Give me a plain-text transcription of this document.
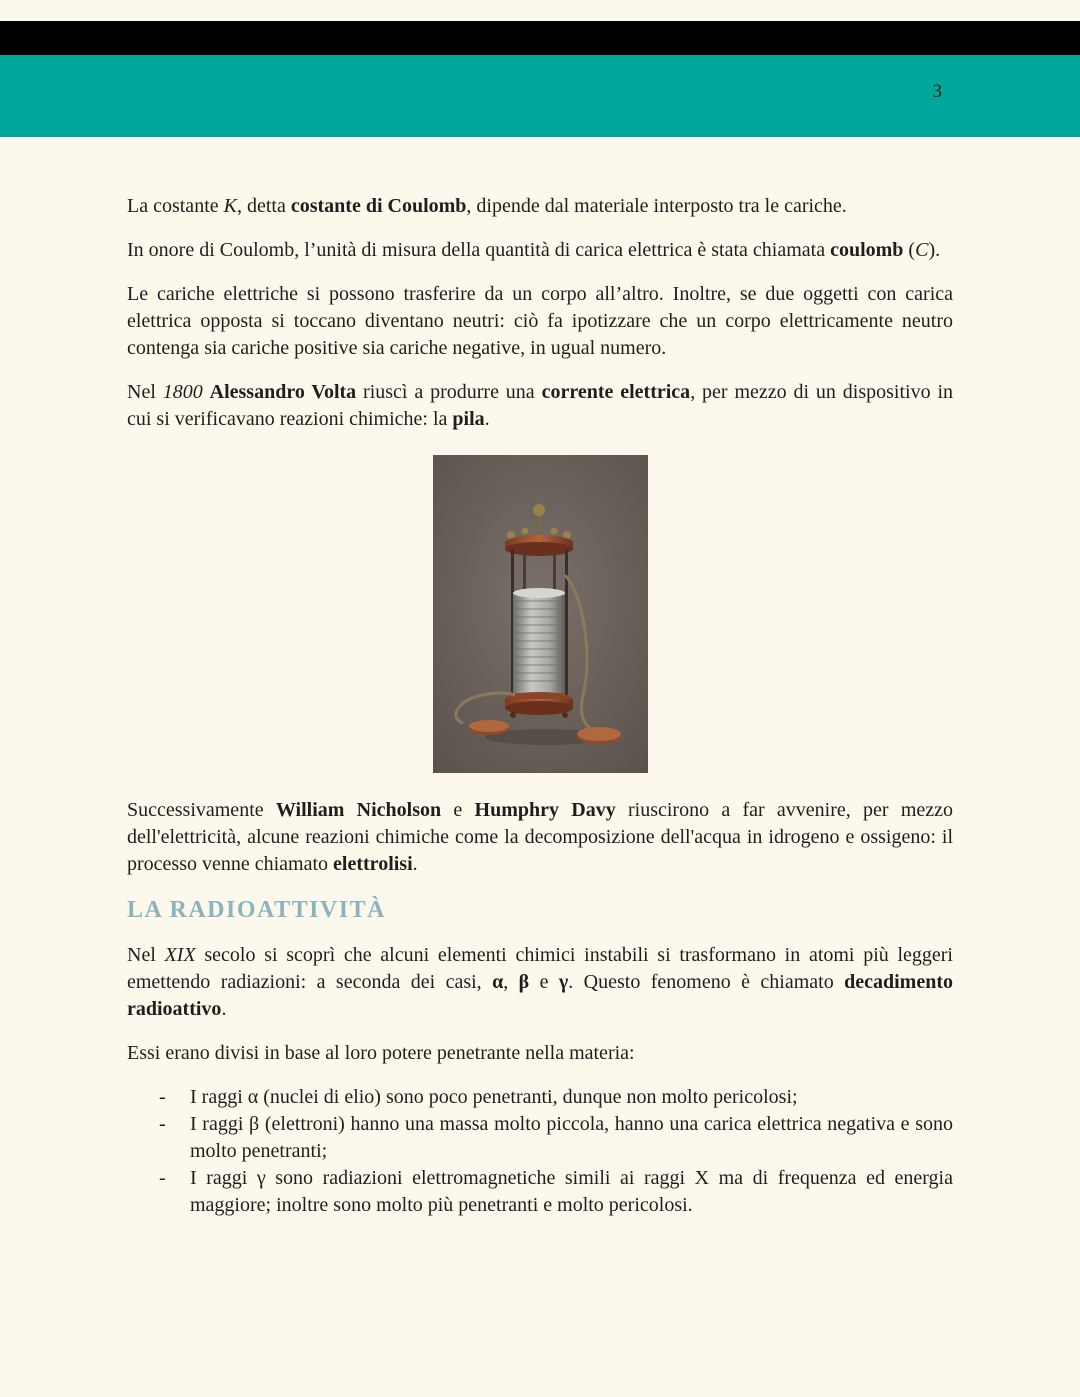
3

La costante K, detta costante di Coulomb, dipende dal materiale interposto tra le cariche.

In onore di Coulomb, l’unità di misura della quantità di carica elettrica è stata chiamata coulomb (C).

Le cariche elettriche si possono trasferire da un corpo all’altro. Inoltre, se due oggetti con carica elettrica opposta si toccano diventano neutri: ciò fa ipotizzare che un corpo elettricamente neutro contenga sia cariche positive sia cariche negative, in ugual numero.

Nel 1800 Alessandro Volta riuscì a produrre una corrente elettrica, per mezzo di un dispositivo in cui si verificavano reazioni chimiche: la pila.

Successivamente William Nicholson e Humphry Davy riuscirono a far avvenire, per mezzo dell'elettricità, alcune reazioni chimiche come la decomposizione dell'acqua in idrogeno e ossigeno: il processo venne chiamato elettrolisi.

LA RADIOATTIVITÀ

Nel XIX secolo si scoprì che alcuni elementi chimici instabili si trasformano in atomi più leggeri emettendo radiazioni: a seconda dei casi, α, β e γ. Questo fenomeno è chiamato decadimento radioattivo.

Essi erano divisi in base al loro potere penetrante nella materia:

- I raggi α (nuclei di elio) sono poco penetranti, dunque non molto pericolosi;
- I raggi β (elettroni) hanno una massa molto piccola, hanno una carica elettrica negativa e sono molto penetranti;
- I raggi γ sono radiazioni elettromagnetiche simili ai raggi X ma di frequenza ed energia maggiore; inoltre sono molto più penetranti e molto pericolosi.
